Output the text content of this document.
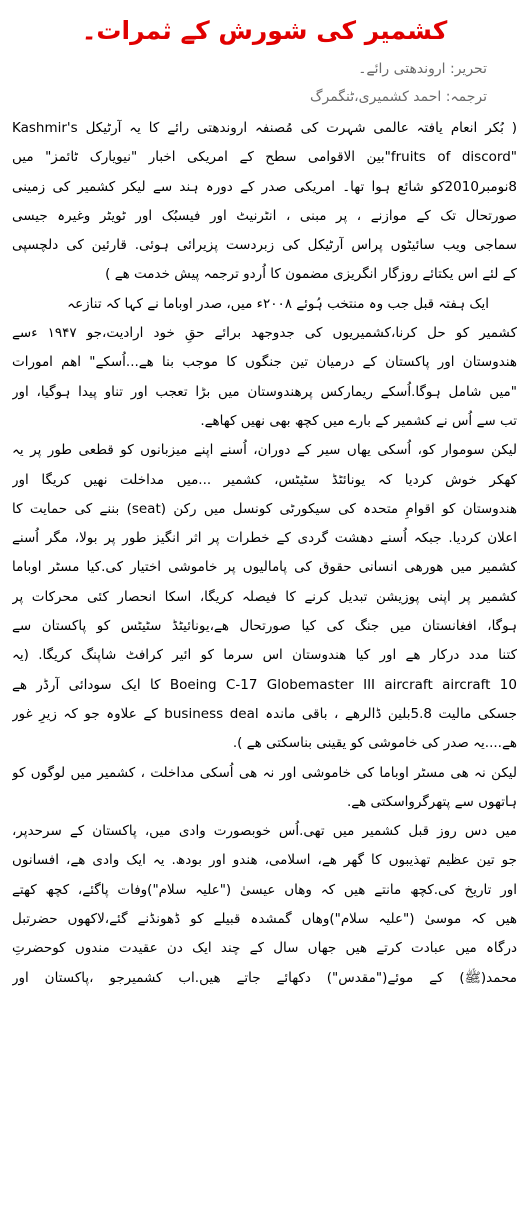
کشمیر کی شورش کے ثمرات۔
تحریر: اروندھتی رائے۔
ترجمہ: احمد کشمیری،ٹنگمرگ
( بُکر انعام یافتہ عالمی شہرت کی مُصنفہ اروندھتی رائے کا یہ آرٹیکل Kashmir's
"fruits of discord"بین الاقوامی سطح کے امریکی اخبار "نیویارک ٹائمز" میں
8نومبر2010کو شائع ہوا تھا۔ امریکی صدر کے دورہ ہند سے لیکر کشمیر کی زمینی
صورتحال تک کے موازنے ، پر مبنی ، انٹرنیٹ اور فیسبُک اور ٹویٹر وغیرہ جیسی
سماجی ویب سائیٹوں پراس آرٹیکل کی زبردست پزیرائی ہوئی. قارئین کی دلچسپی
کے لئے اس یکتائے روزگار انگریزی مضمون کا اُردو ترجمہ پیش خدمت ھے )
ایک ہفتہ قبل جب وہ منتخب ہُوئے ۲۰۰۸ء میں، صدر اوباما نے کہا کہ تنازعہ
کشمیر کو حل کرنا،کشمیریوں کی جدوجھد برائے حقِ خود ارادیت،جو ۱۹۴۷ ءسے
ھندوستان اور پاکستان کے درمیان تین جنگوں کا موجب بنا ھے...اُسکے" اھم امورات
"میں شامل ہوگا.اُسکے ریمارکس پرھندوستان میں بڑا تعجب اور تناو پیدا ہوگیا، اور
تب سے اُس نے کشمیر کے بارے میں کچھ بھی نھیں کھاھے.
لیکن سوموار کو، اُسکی یھاں سیر کے دوران، اُسنے اپنے میزبانوں کو قطعی طور پر یہ
کھکر خوش کردیا کہ یونائٹڈ سٹیٹس، کشمیر ...میں مداخلت نھیں کریگا اور
ھندوستان کو اقوامِ متحدہ کی سیکورٹی کونسل میں رکن (seat) بننے کی حمایت کا
اعلان کردیا. جبکہ اُسنے دھشت گردی کے خطرات پر اثر انگیز طور پر بولا، مگر اُسنے
کشمیر میں ھورھی انسانی حقوق کی پامالیوں پر خاموشی اختیار کی.کیا مسٹر اوباما
کشمیر پر اپنی پوزیشن تبدیل کرنے کا فیصلہ کریگا، اسکا انحصار کئی محرکات پر
ہوگا، افغانستان میں جنگ کی کیا صورتحال ھے،یونائیٹڈ سٹیٹس کو پاکستان سے
کتنا مدد درکار ھے اور کیا ھندوستان اس سرما کو ائیر کرافٹ شاپنگ کریگا. (یہ
Boeing C-17 Globemaster III aircraft aircraft 10 کا ایک سودائی آرڈر ھے
جسکی مالیت 5.8بلین ڈالرھے ، باقی ماندہ business deal کے علاوہ جو کہ زیرِ غور
ھے....یہ صدر کی خاموشی کو یقینی بناسکتی ھے ).
لیکن نہ ھی مسٹر اوباما کی خاموشی اور نہ ھی اُسکی مداخلت ، کشمیر میں لوگوں کو
ہاتھوں سے پتھرگرواسکتی ھے.
میں دس روز قبل کشمیر میں تھی.اُس خوبصورت وادی میں، پاکستان کے سرحدپر،
جو تین عظیم تھذیبوں کا گھر ھے، اسلامی، ھندو اور بودھ. یہ ایک وادی ھے، افسانوں
اور تاریخ کی.کچھ مانتے ھیں کہ وھاں عیسیٰ ("علیہ سلام")وفات پاگئے، کچھ کھتے
ھیں کہ موسیٰ ("علیہ سلام")وھاں گمشدہ قبیلے کو ڈھونڈنے گئے،لاکھوں حضرتبل
درگاہ میں عبادت کرتے ھیں جھاں سال کے چند ایک دن عقیدت مندوں کوحضرتِ
محمد(ﷺ) کے موئے("مقدس") دکھائے جاتے ھیں.اب کشمیرجو ،پاکستان اور
